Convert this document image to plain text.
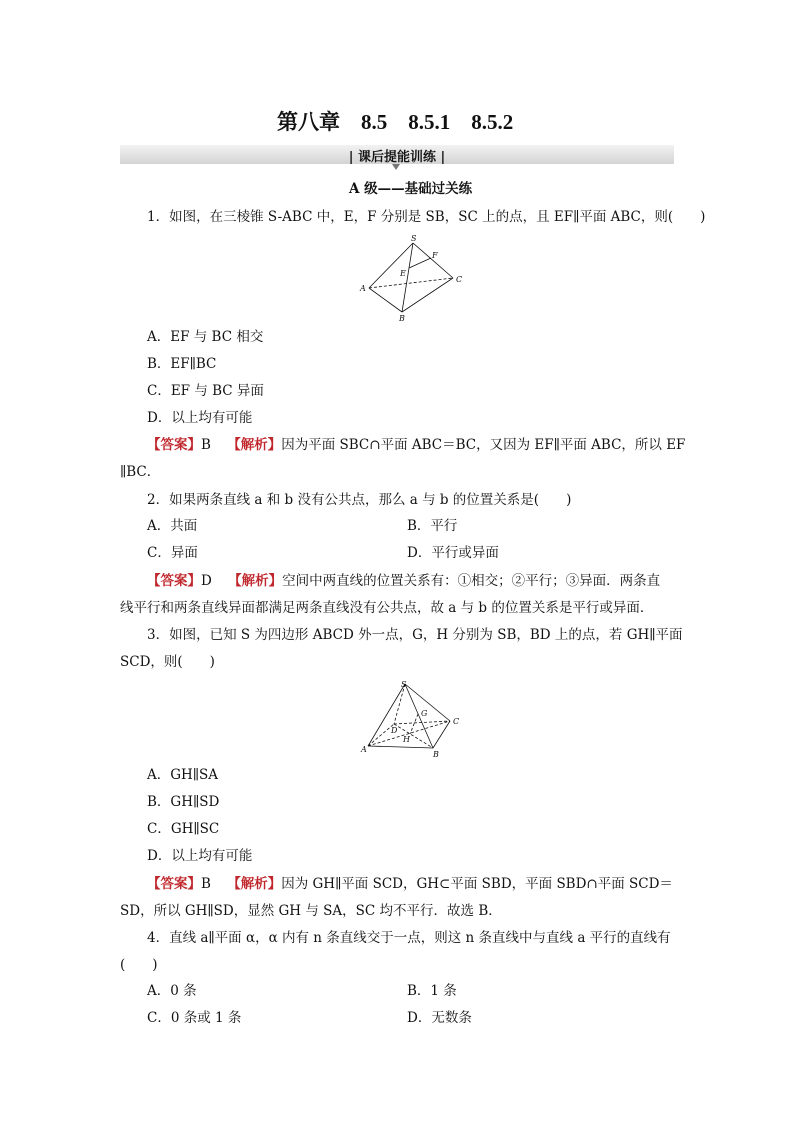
第八章　8.5　8.5.1　8.5.2
| 课后提能训练 |
A 级——基础过关练
1．如图，在三棱锥 S-ABC 中，E，F 分别是 SB，SC 上的点，且 EF∥平面 ABC，则(　　)
S
F
E
A
C
B
A．EF 与 BC 相交
B．EF∥BC
C．EF 与 BC 异面
D．以上均有可能
【答案】B 【解析】因为平面 SBC∩平面 ABC＝BC，又因为 EF∥平面 ABC，所以 EF
∥BC．
2．如果两条直线 a 和 b 没有公共点，那么 a 与 b 的位置关系是(　　)
A．共面	B．平行
C．异面	D．平行或异面
【答案】D 【解析】空间中两直线的位置关系有：①相交；②平行；③异面．两条直
线平行和两条直线异面都满足两条直线没有公共点，故 a 与 b 的位置关系是平行或异面．
3．如图，已知 S 为四边形 ABCD 外一点，G，H 分别为 SB，BD 上的点，若 GH∥平面
SCD，则(　　)
S
G
D
C
H
A
B
A．GH∥SA
B．GH∥SD
C．GH∥SC
D．以上均有可能
【答案】B 【解析】因为 GH∥平面 SCD，GH⊂平面 SBD，平面 SBD∩平面 SCD＝
SD，所以 GH∥SD，显然 GH 与 SA，SC 均不平行．故选 B．
4．直线 a∥平面 α，α 内有 n 条直线交于一点，则这 n 条直线中与直线 a 平行的直线有
(　　)
A．0 条	B．1 条
C．0 条或 1 条	D．无数条
